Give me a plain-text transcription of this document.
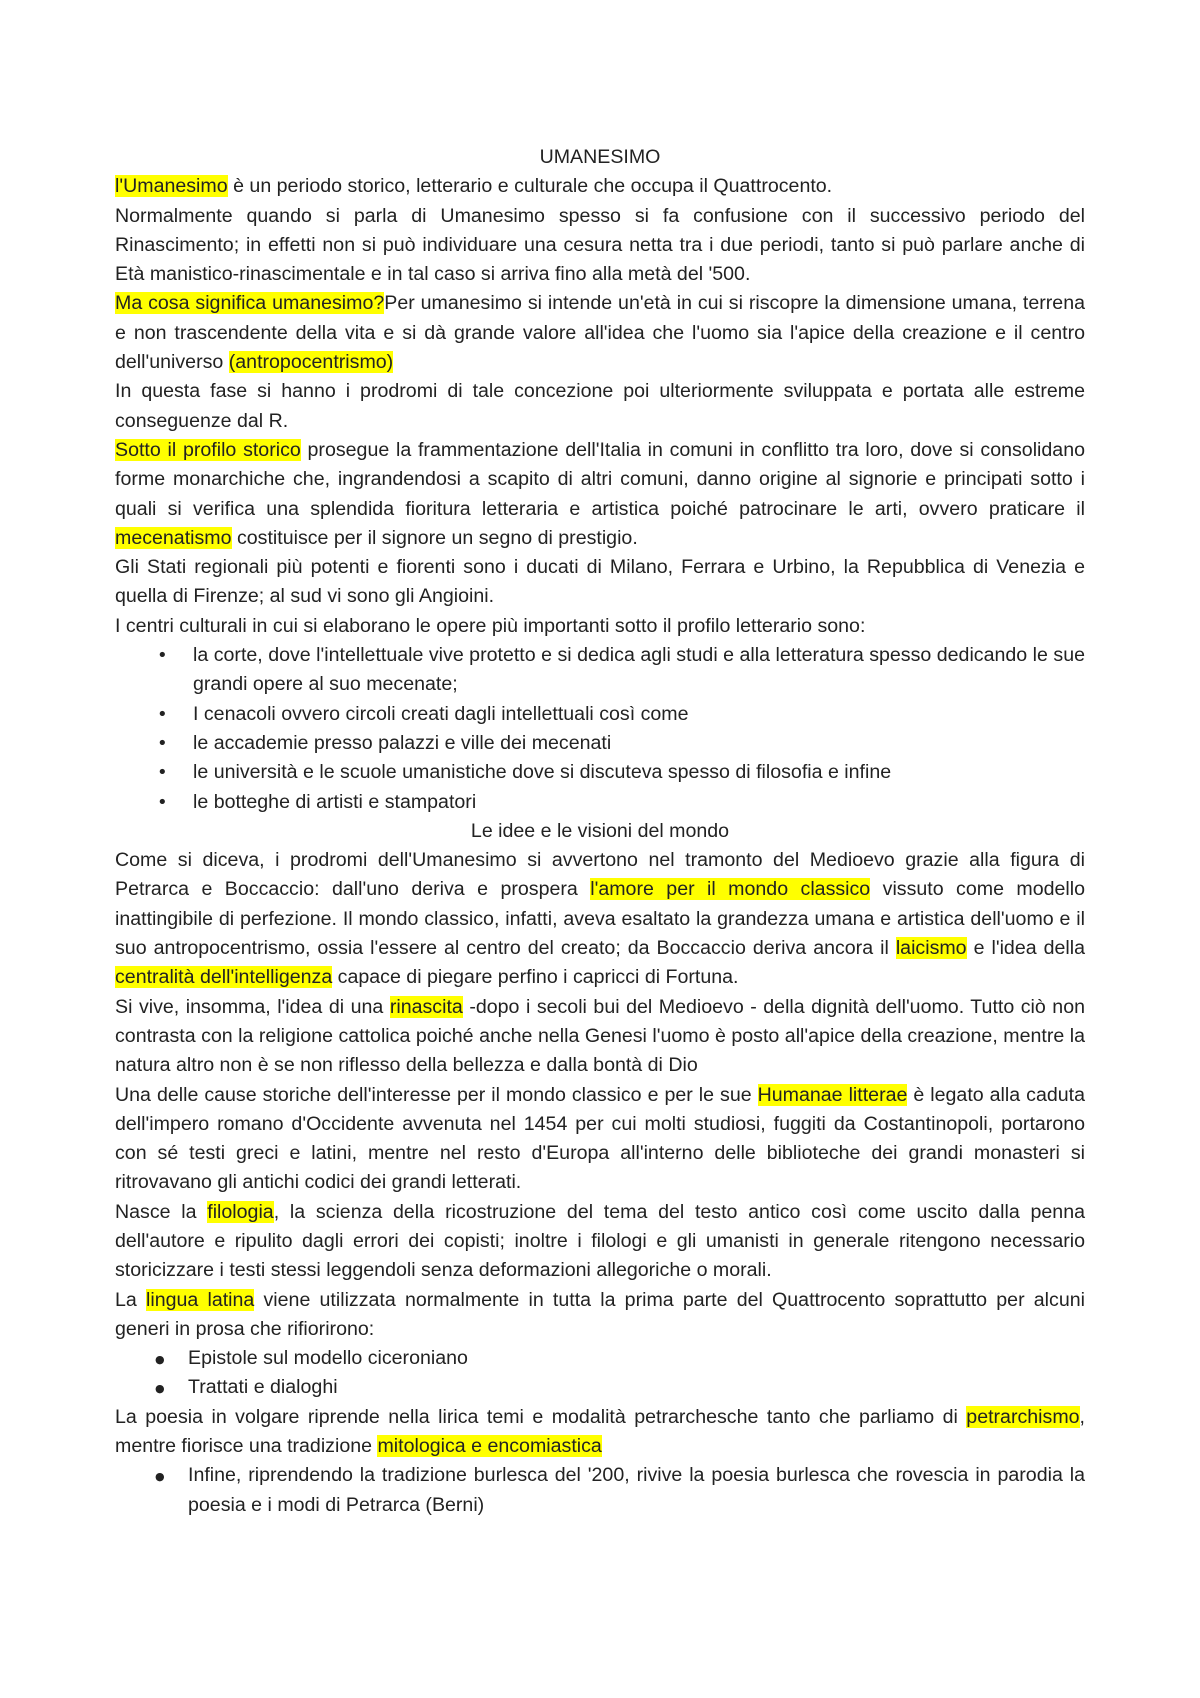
UMANESIMO

l'Umanesimo è un periodo storico, letterario e culturale che occupa il Quattrocento.

Normalmente quando si parla di Umanesimo spesso si fa confusione con il successivo periodo del Rinascimento; in effetti non si può individuare una cesura netta tra i due periodi, tanto si può parlare anche di Età manistico-rinascimentale e in tal caso si arriva fino alla metà del '500.

Ma cosa significa umanesimo?Per umanesimo si intende un'età in cui si riscopre la dimensione umana, terrena e non trascendente della vita e si dà grande valore all'idea che l'uomo sia l'apice della creazione e il centro dell'universo (antropocentrismo)

In questa fase si hanno i prodromi di tale concezione poi ulteriormente sviluppata e portata alle estreme conseguenze dal R.

Sotto il profilo storico prosegue la frammentazione dell'Italia in comuni in conflitto tra loro, dove si consolidano forme monarchiche che, ingrandendosi a scapito di altri comuni, danno origine al signorie e principati sotto i quali si verifica una splendida fioritura letteraria e artistica poiché patrocinare le arti, ovvero praticare il mecenatismo costituisce per il signore un segno di prestigio.

Gli Stati regionali più potenti e fiorenti sono i ducati di Milano, Ferrara e Urbino, la Repubblica di Venezia e quella di Firenze; al sud vi sono gli Angioini.

I centri culturali in cui si elaborano le opere più importanti sotto il profilo letterario sono:

• la corte, dove l'intellettuale vive protetto e si dedica agli studi e alla letteratura spesso dedicando le sue grandi opere al suo mecenate;
• I cenacoli ovvero circoli creati dagli intellettuali così come
• le accademie presso palazzi e ville dei mecenati
• le università e le scuole umanistiche dove si discuteva spesso di filosofia e infine
• le botteghe di artisti e stampatori

Le idee e le visioni del mondo

Come si diceva, i prodromi dell'Umanesimo si avvertono nel tramonto del Medioevo grazie alla figura di Petrarca e Boccaccio: dall'uno deriva e prospera l'amore per il mondo classico vissuto come modello inattingibile di perfezione. Il mondo classico, infatti, aveva esaltato la grandezza umana e artistica dell'uomo e il suo antropocentrismo, ossia l'essere al centro del creato; da Boccaccio deriva ancora il laicismo e l'idea della centralità dell'intelligenza capace di piegare perfino i capricci di Fortuna.

Si vive, insomma, l'idea di una rinascita -dopo i secoli bui del Medioevo - della dignità dell'uomo. Tutto ciò non contrasta con la religione cattolica poiché anche nella Genesi l'uomo è posto all'apice della creazione, mentre la natura altro non è se non riflesso della bellezza e dalla bontà di Dio

Una delle cause storiche dell'interesse per il mondo classico e per le sue Humanae litterae è legato alla caduta dell'impero romano d'Occidente avvenuta nel 1454 per cui molti studiosi, fuggiti da Costantinopoli, portarono con sé testi greci e latini, mentre nel resto d'Europa all'interno delle biblioteche dei grandi monasteri si ritrovavano gli antichi codici dei grandi letterati.

Nasce la filologia, la scienza della ricostruzione del tema del testo antico così come uscito dalla penna dell'autore e ripulito dagli errori dei copisti; inoltre i filologi e gli umanisti in generale ritengono necessario storicizzare i testi stessi leggendoli senza deformazioni allegoriche o morali.

La lingua latina viene utilizzata normalmente in tutta la prima parte del Quattrocento soprattutto per alcuni generi in prosa che rifiorirono:

● Epistole sul modello ciceroniano
● Trattati e dialoghi

La poesia in volgare riprende nella lirica temi e modalità petrarchesche tanto che parliamo di petrarchismo, mentre fiorisce una tradizione mitologica e encomiastica

● Infine, riprendendo la tradizione burlesca del '200, rivive la poesia burlesca che rovescia in parodia la poesia e i modi di Petrarca (Berni)
